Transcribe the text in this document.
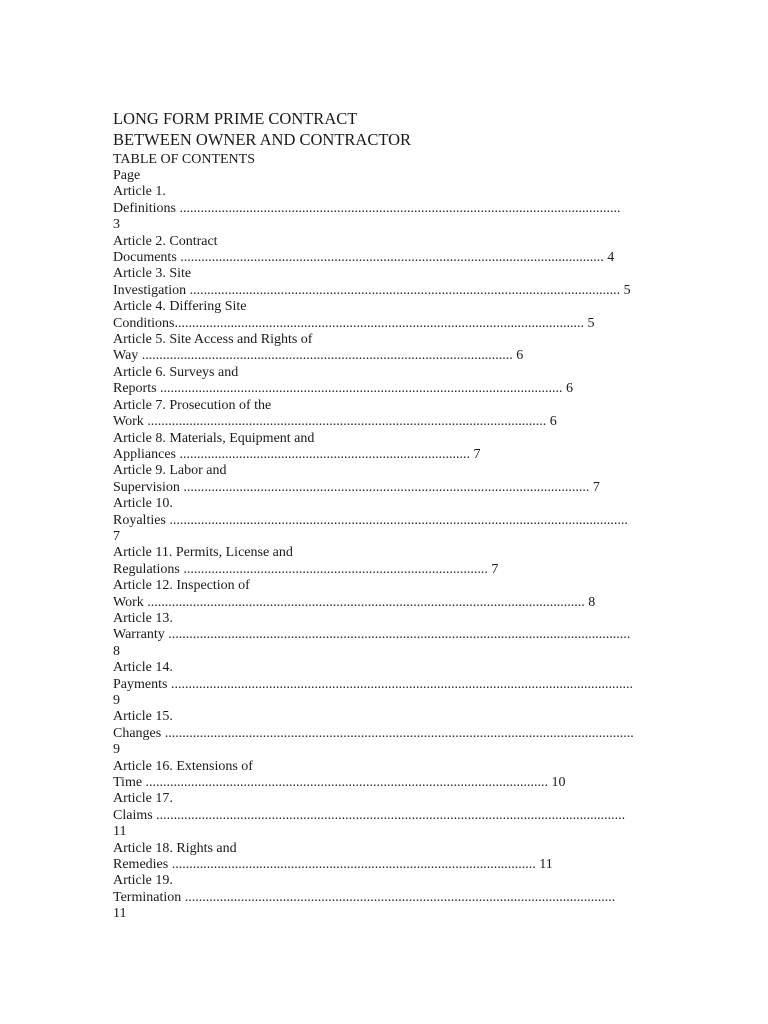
LONG FORM PRIME CONTRACT
BETWEEN OWNER AND CONTRACTOR
TABLE OF CONTENTS
Page
Article 1.
Definitions ..............................................................................................................................
3
Article 2. Contract
Documents ......................................................................................................................... 4
Article 3. Site
Investigation ........................................................................................................................... 5
Article 4. Differing Site
Conditions..................................................................................................................... 5
Article 5. Site Access and Rights of
Way .......................................................................................................... 6
Article 6. Surveys and
Reports ................................................................................................................... 6
Article 7. Prosecution of the
Work .................................................................................................................. 6
Article 8. Materials, Equipment and
Appliances ................................................................................... 7
Article 9. Labor and
Supervision .................................................................................................................... 7
Article 10.
Royalties ...................................................................................................................................
7
Article 11. Permits, License and
Regulations ....................................................................................... 7
Article 12. Inspection of
Work ............................................................................................................................. 8
Article 13.
Warranty ....................................................................................................................................
8
Article 14.
Payments ....................................................................................................................................
9
Article 15.
Changes ......................................................................................................................................
9
Article 16. Extensions of
Time ................................................................................................................... 10
Article 17.
Claims ......................................................................................................................................
11
Article 18. Rights and
Remedies ........................................................................................................ 11
Article 19.
Termination ...........................................................................................................................
11
